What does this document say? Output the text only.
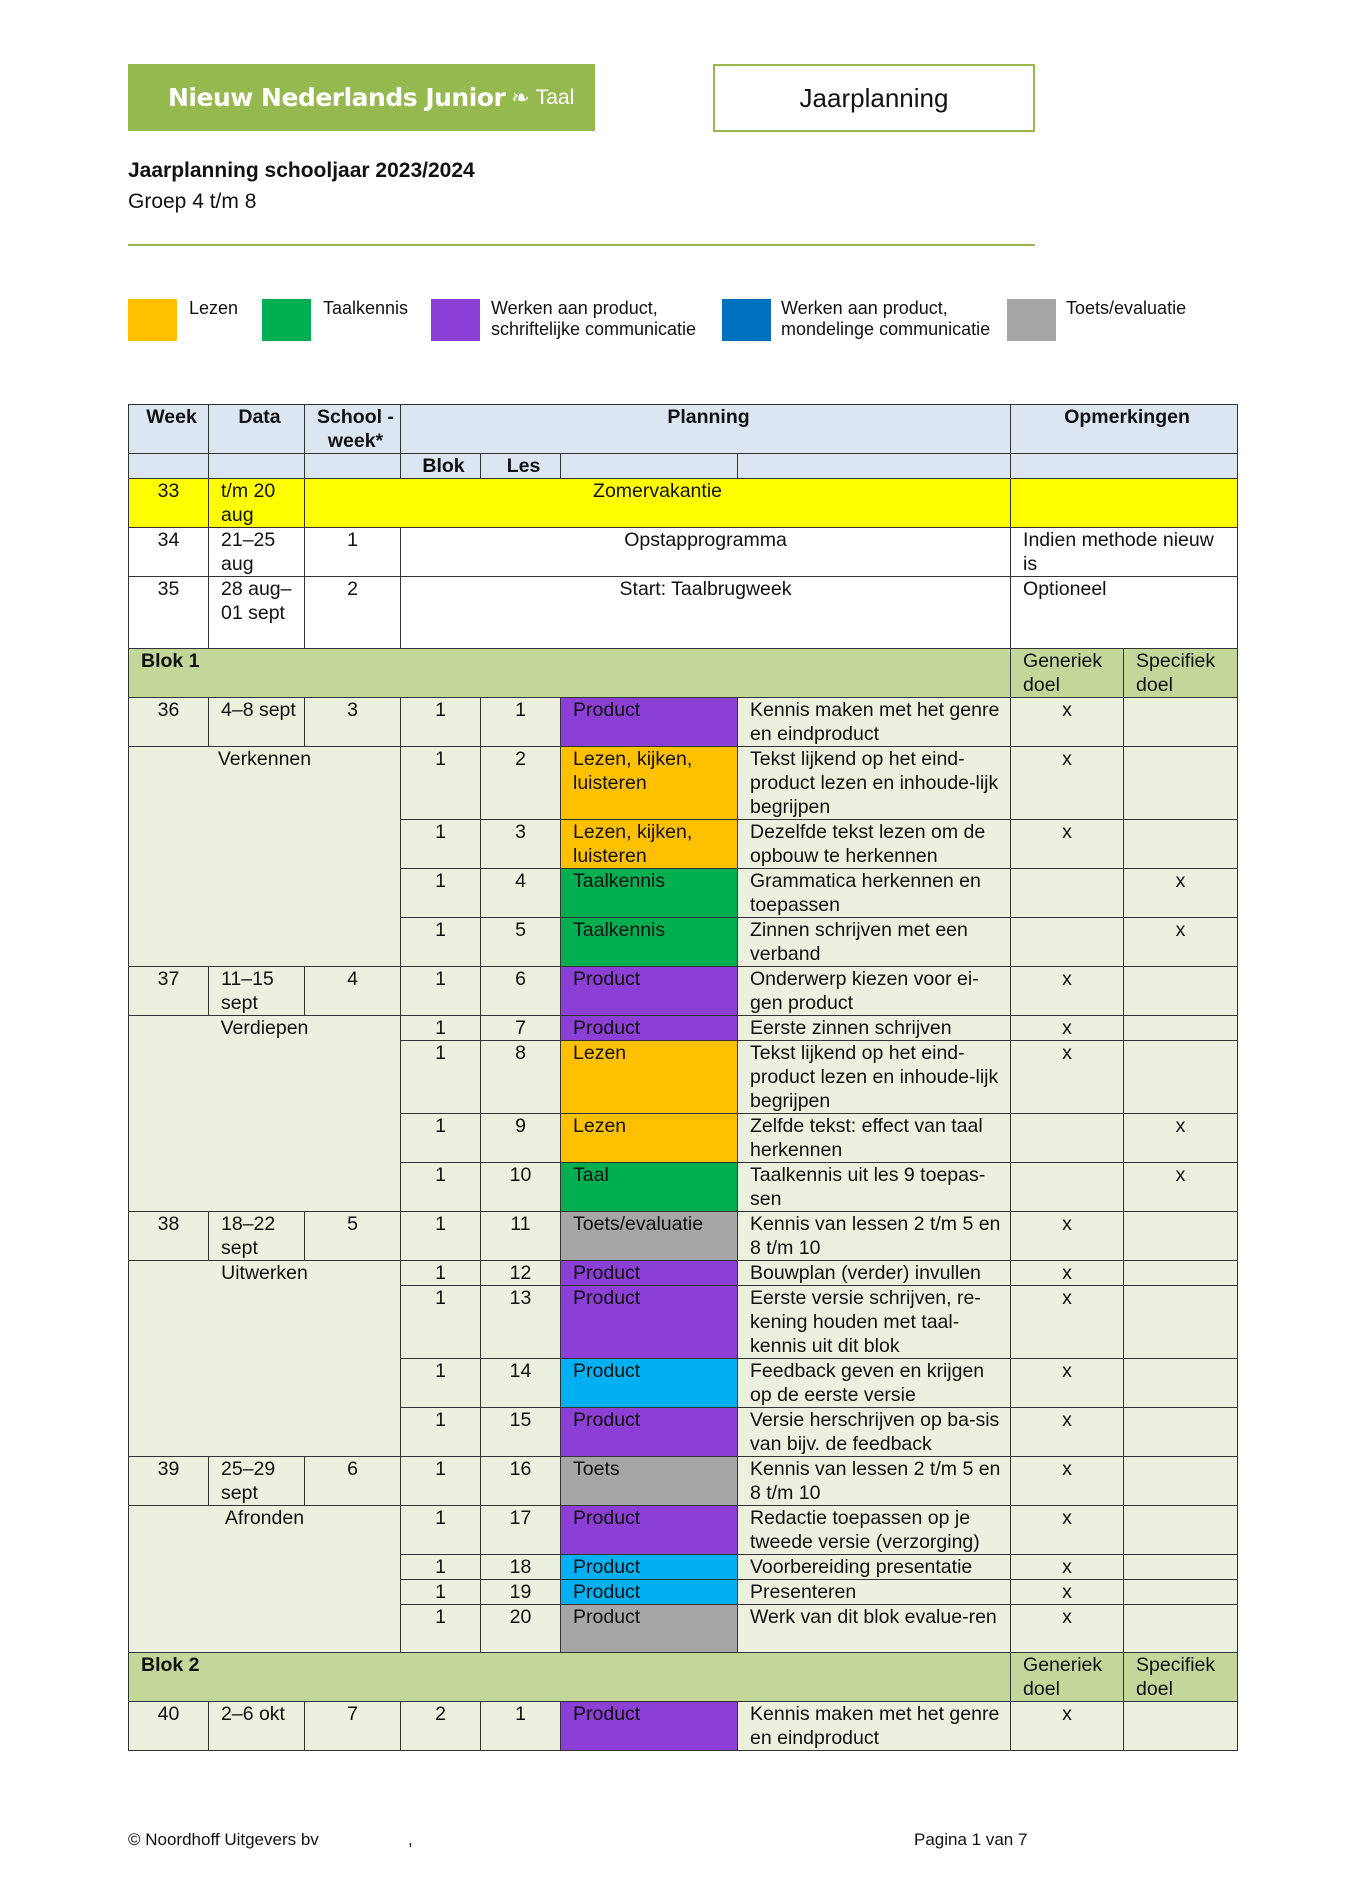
Nieuw Nederlands Junior ❧ Taal	Jaarplanning
Jaarplanning schooljaar 2023/2024
Groep 4 t/m 8
Lezen	Taalkennis	Werken aan product, schriftelijke communicatie
Werken aan product, mondelinge communicatie
Toets/evaluatie
Week	Data	School -week*	Planning				Opmerkingen	
			Blok	Les				
33	t/m 20 aug	Zomervakantie						
34	21–25 aug	1	Opstapprogramma				Indien methode nieuw is	
35	28 aug–01 sept	2	Start: Taalbrugweek				Optioneel	
Blok 1							Generiek doel	Specifiek doel
36	4–8 sept	3	1	1	Product	Kennis maken met het genre en eindproduct	x	
Verkennen			1	2	Lezen, kijken, luisteren	Tekst lijkend op het eind-product lezen en inhoude-lijk begrijpen	x	
			1	3	Lezen, kijken, luisteren	Dezelfde tekst lezen om de opbouw te herkennen	x	
			1	4	Taalkennis	Grammatica herkennen en toepassen		x
			1	5	Taalkennis	Zinnen schrijven met een verband		x
37	11–15 sept	4	1	6	Product	Onderwerp kiezen voor ei-gen product	x	
Verdiepen			1	7	Product	Eerste zinnen schrijven	x	
			1	8	Lezen	Tekst lijkend op het eind-product lezen en inhoude-lijk begrijpen	x	
			1	9	Lezen	Zelfde tekst: effect van taal herkennen		x
			1	10	Taal	Taalkennis uit les 9 toepas-sen		x
38	18–22 sept	5	1	11	Toets/evaluatie	Kennis van lessen 2 t/m 5 en 8 t/m 10	x	
Uitwerken			1	12	Product	Bouwplan (verder) invullen	x	
			1	13	Product	Eerste versie schrijven, re-kening houden met taal-kennis uit dit blok	x	
			1	14	Product	Feedback geven en krijgen op de eerste versie	x	
			1	15	Product	Versie herschrijven op ba-sis van bijv. de feedback	x	
39	25–29 sept	6	1	16	Toets	Kennis van lessen 2 t/m 5 en 8 t/m 10	x	
Afronden			1	17	Product	Redactie toepassen op je tweede versie (verzorging)	x	
			1	18	Product	Voorbereiding presentatie	x	
			1	19	Product	Presenteren	x	
			1	20	Product	Werk van dit blok evalue-ren	x	
Blok 2							Generiek doel	Specifiek doel
40	2–6 okt	7	2	1	Product	Kennis maken met het genre en eindproduct	x	
© Noordhoff Uitgevers bv	,	Pagina 1 van 7
